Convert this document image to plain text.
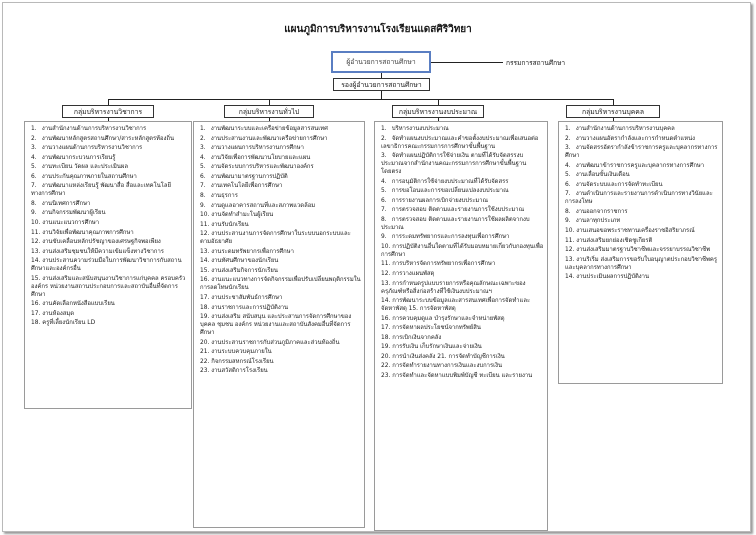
แผนภูมิการบริหารงานโรงเรียนแดสศิริวิทยา
ผู้อำนวยการสถานศึกษา	กรรมการสถานศึกษา
รองผู้อำนวยการสถานศึกษา
กลุ่มบริหารงานวิชาการ	กลุ่มบริหารงานทั่วไป	กลุ่มบริหารงานงบประมาณ	กลุ่มบริหารงานบุคคล
1. งานสำนักงานด้านการบริหารงานวิชาการ
2. งานพัฒนาหลักสูตรสถานศึกษา/สาระหลักสูตรท้องถิ่น
3. งานวางแผนด้านการบริหารงานวิชาการ
4. งานพัฒนากระบวนการเรียนรู้
5. งานทะเบียน วัดผล และประเมินผล
6. งานประกันคุณภาพภายในสถานศึกษา
7. งานพัฒนาแหล่งเรียนรู้ พัฒนาสื่อ สื่อและเทคโนโลยีทางการศึกษา
8. งานนิเทศการศึกษา
9. งานกิจกรรมพัฒนาผู้เรียน
10. งานแนะแนวการศึกษา
11. งานวิจัยเพื่อพัฒนาคุณภาพการศึกษา
12. งานขับเคลื่อนหลักปรัชญาของเศรษฐกิจพอเพียง
13. งานส่งเสริมชุมชนให้มีความเข้มแข็งทางวิชาการ
14. งานประสานความร่วมมือในการพัฒนาวิชาการกับสถานศึกษาและองค์กรอื่น
15. งานส่งเสริมและสนับสนุนงานวิชาการแก่บุคคล ครอบครัว องค์กร หน่วยงานสถานประกอบการและสถาบันอื่นที่จัดการศึกษา
16. งานคัดเลือกหนังสือแบบเรียน
17. งานห้องสมุด
18. ครูที่เลี้ยงนักเรียน LD
1. งานพัฒนาระบบและเครือข่ายข้อมูลสารสนเทศ
2. งานประสานงานและพัฒนาเครือข่ายการศึกษา
3. งานวางแผนการบริหารงานการศึกษา
4. งานวิจัยเพื่อการพัฒนานโยบายและแผน
5. งานจัดระบบการบริหารและพัฒนาองค์กร
6. งานพัฒนามาตรฐานการปฏิบัติ
7. งานเทคโนโลยีเพื่อการศึกษา
8. งานธุรการ
9. งานดูแลอาคารสถานที่และสภาพแวดล้อม
10. งานจัดทำสำมะโนผู้เรียน
11. งานรับนักเรียน
12. งานประสานงานการจัดการศึกษาในระบบนอกระบบและตามอัธยาศัย
13. งานระดมทรัพยากรเพื่อการศึกษา
14. งานทัศนศึกษาของนักเรียน
15. งานส่งเสริมกิจการนักเรียน
16. งานแนะแนวทางการจัดกิจกรรมเพื่อปรับเปลี่ยนพฤติกรรมในการลดโทษนักเรียน
17. งานประชาสัมพันธ์การศึกษา
18. งานราชการและการปฏิบัติงาน
19. งานส่งเสริม สนับสนุน และประสานการจัดการศึกษาของบุคคล ชุมชน องค์กร หน่วยงานและสถาบันสังคมอื่นที่จัดการศึกษา
20. งานประสานราชการกับส่วนภูมิภาคและส่วนท้องถิ่น
21. งานระบบควบคุมภายใน
22. กิจกรรมสหกรณ์โรงเรียน
23. งานสวัสดิการโรงเรียน
1. บริหารงานงบประมาณ
2. จัดทำแผนงบประมาณและคำขอตั้งงบประมาณเพื่อเสนอต่อเลขาธิการคณะกรรมการการศึกษาขั้นพื้นฐาน
3. จัดทำแผนปฏิบัติการใช้จ่ายเงิน ตามที่ได้รับจัดสรรงบประมาณจากสำนักงานคณะกรรมการการศึกษาขั้นพื้นฐานโดยตรง
4. การอนุมัติการใช้จ่ายงบประมาณที่ได้รับจัดสรร
5. การขอโอนและการขอเปลี่ยนแปลงงบประมาณ
6. การรายงานผลการเบิกจ่ายงบประมาณ
7. การตรวจสอบ ติดตามและรายงานการใช้งบประมาณ
8. การตรวจสอบ ติดตามและรายงานการใช้ผลผลิตจากงบประมาณ
9. การระดมทรัพยากรและการลงทุนเพื่อการศึกษา
10. การปฏิบัติงานอื่นใดตามที่ได้รับมอบหมายเกี่ยวกับกองทุนเพื่อการศึกษา
11. การบริหารจัดการทรัพยากรเพื่อการศึกษา
12. การวางแผนพัสดุ
13. การกำหนดรูปแบบรายการหรือคุณลักษณะเฉพาะของครุภัณฑ์หรือสิ่งก่อสร้างที่ใช้เงินงบประมาณฯ
14. การพัฒนาระบบข้อมูลและสารสนเทศเพื่อการจัดทำและจัดหาพัสดุ 15. การจัดหาพัสดุ
16. การควบคุมดูแล บำรุงรักษาและจำหน่ายพัสดุ
17. การจัดหาผลประโยชน์จากทรัพย์สิน
18. การเบิกเงินจากคลัง
19. การรับเงิน เก็บรักษาเงินและจ่ายเงิน
20. การนำเงินส่งคลัง 21. การจัดทำบัญชีการเงิน
22. การจัดทำรายงานทางการเงินและงบการเงิน
23. การจัดทำและจัดหาแบบพิมพ์บัญชี ทะเบียน และรายงาน
1. งานสำนักงานด้านการบริหารงานบุคคล
2. งานวางแผนอัตรากำลังและการกำหนดตำแหน่ง
3. งานจัดสรรอัตรากำลังข้าราชการครูและบุคลากรทางการศึกษา
4. งานพัฒนาข้าราชการครูและบุคลากรทางการศึกษา
5. งานเลื่อนขั้นเงินเดือน
6. งานจัดระบบและการจัดทำทะเบียน
7. งานดำเนินการและรายงานการดำเนินการทางวินัยและการลงโทษ
8. งานออกจากราชการ
9. งานลาทุกประเภท
10. งานเสนอขอพระราชทานเครื่องราชอิสริยาภรณ์
11. งานส่งเสริมยกย่องเชิดชูเกียรติ
12. งานส่งเสริมมาตรฐานวิชาชีพและจรรยาบรรณวิชาชีพ
13. งานริเริ่ม ส่งเสริมการขอรับใบอนุญาตประกอบวิชาชีพครูและบุคลากรทางการศึกษา
14. งานประเมินผลการปฏิบัติงาน
